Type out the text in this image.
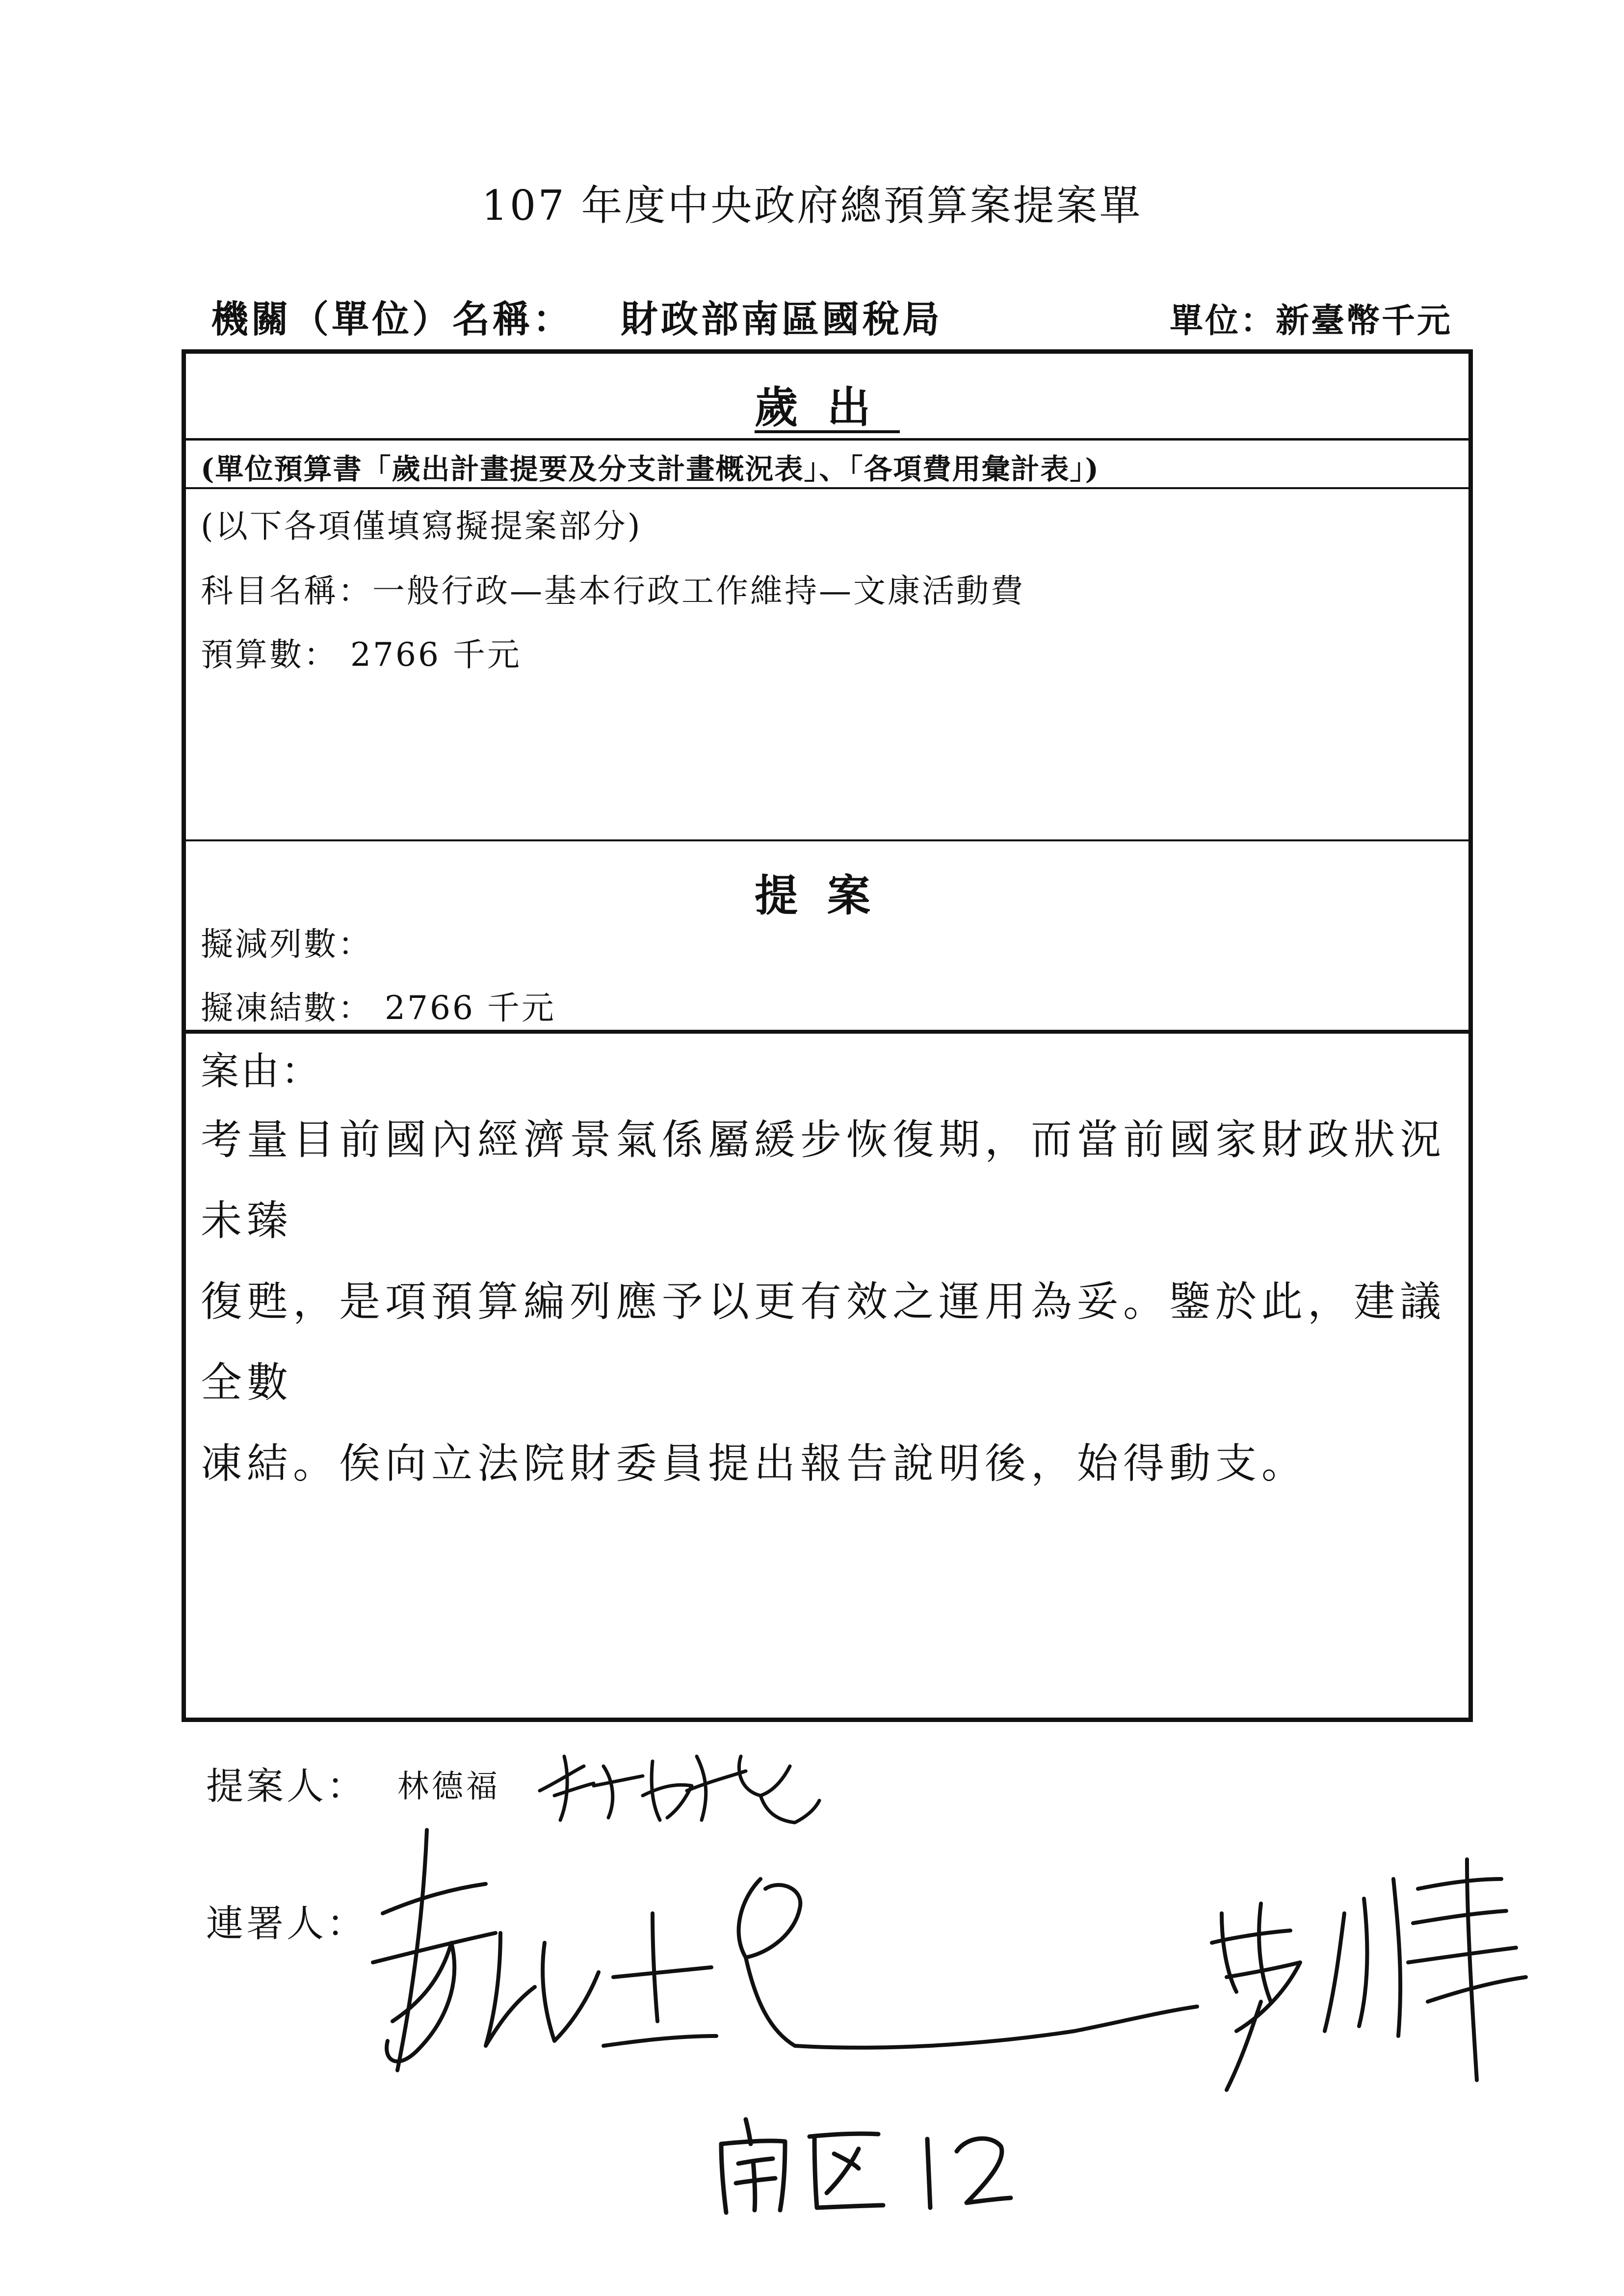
107 年度中央政府總預算案提案單
機關（單位）名稱： 財政部南區國稅局	單位：新臺幣千元
歲出
(單位預算書「歲出計畫提要及分支計畫概況表」、「各項費用彙計表」)
(以下各項僅填寫擬提案部分)
科目名稱：一般行政—基本行政工作維持—文康活動費
預算數： 2766 千元
提案
擬減列數：
擬凍結數： 2766 千元
案由：
考量目前國內經濟景氣係屬緩步恢復期，而當前國家財政狀況未臻
復甦，是項預算編列應予以更有效之運用為妥。鑒於此，建議全數
凍結。俟向立法院財委員提出報告說明後，始得動支。
提案人： 林德福
連署人：
